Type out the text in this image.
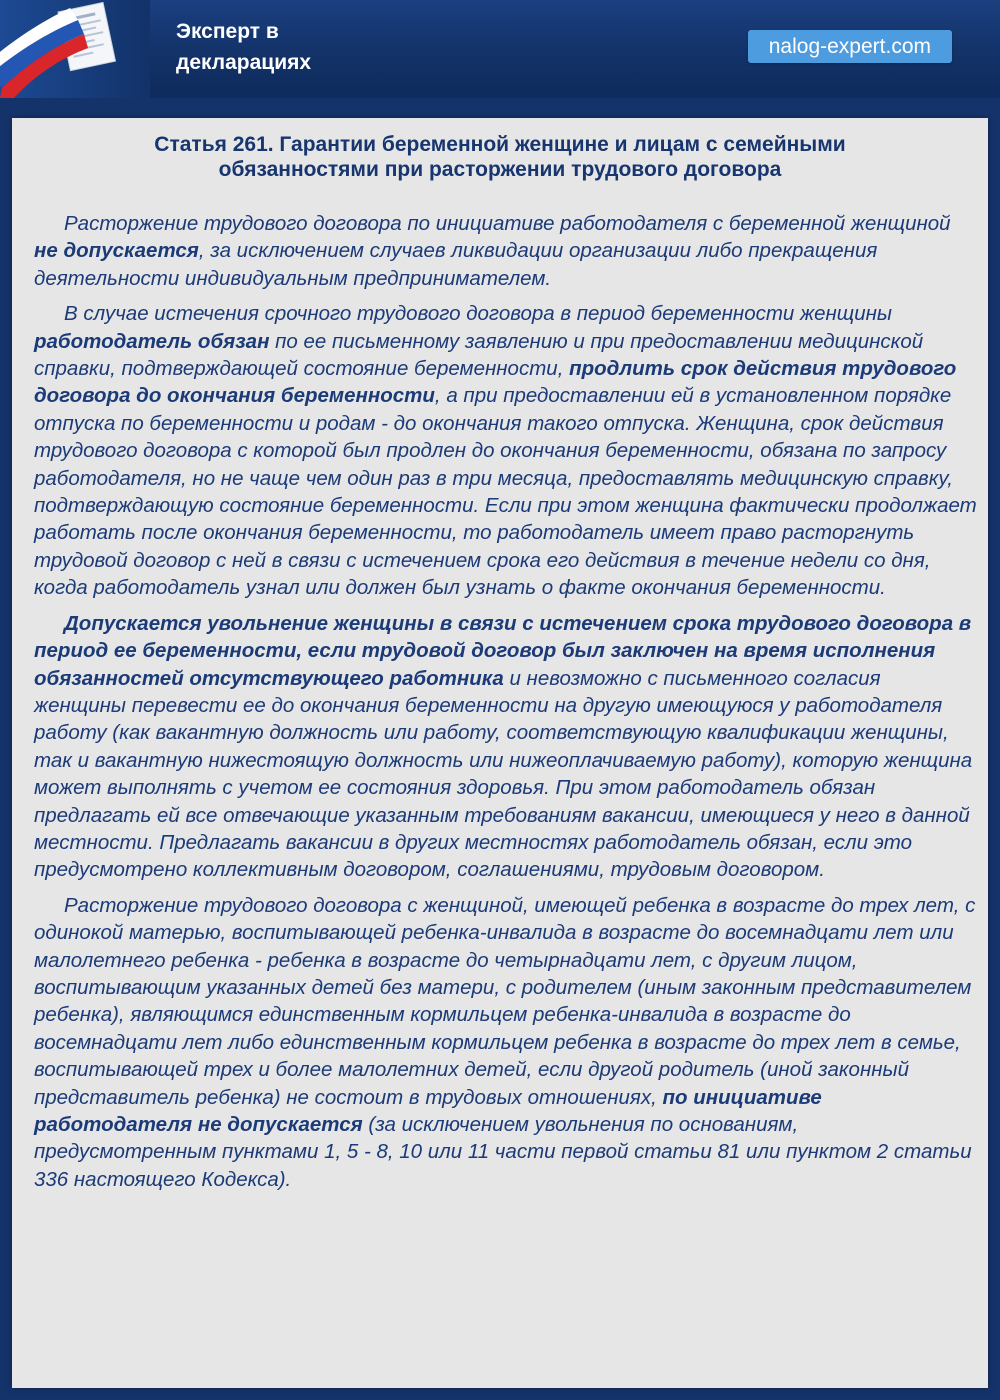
Эксперт в
декларациях
nalog-expert.com
Статья 261. Гарантии беременной женщине и лицам с семейными
обязанностями при расторжении трудового договора

Расторжение трудового договора по инициативе работодателя с беременной женщиной не допускается, за исключением случаев ликвидации организации либо прекращения деятельности индивидуальным предпринимателем.

В случае истечения срочного трудового договора в период беременности женщины работодатель обязан по ее письменному заявлению и при предоставлении медицинской справки, подтверждающей состояние беременности, продлить срок действия трудового договора до окончания беременности, а при предоставлении ей в установленном порядке отпуска по беременности и родам - до окончания такого отпуска. Женщина, срок действия трудового договора с которой был продлен до окончания беременности, обязана по запросу работодателя, но не чаще чем один раз в три месяца, предоставлять медицинскую справку, подтверждающую состояние беременности. Если при этом женщина фактически продолжает работать после окончания беременности, то работодатель имеет право расторгнуть трудовой договор с ней в связи с истечением срока его действия в течение недели со дня, когда работодатель узнал или должен был узнать о факте окончания беременности.

Допускается увольнение женщины в связи с истечением срока трудового договора в период ее беременности, если трудовой договор был заключен на время исполнения обязанностей отсутствующего работника и невозможно с письменного согласия женщины перевести ее до окончания беременности на другую имеющуюся у работодателя работу (как вакантную должность или работу, соответствующую квалификации женщины, так и вакантную нижестоящую должность или нижеоплачиваемую работу), которую женщина может выполнять с учетом ее состояния здоровья. При этом работодатель обязан предлагать ей все отвечающие указанным требованиям вакансии, имеющиеся у него в данной местности. Предлагать вакансии в других местностях работодатель обязан, если это предусмотрено коллективным договором, соглашениями, трудовым договором.

Расторжение трудового договора с женщиной, имеющей ребенка в возрасте до трех лет, с одинокой матерью, воспитывающей ребенка-инвалида в возрасте до восемнадцати лет или малолетнего ребенка - ребенка в возрасте до четырнадцати лет, с другим лицом, воспитывающим указанных детей без матери, с родителем (иным законным представителем ребенка), являющимся единственным кормильцем ребенка-инвалида в возрасте до восемнадцати лет либо единственным кормильцем ребенка в возрасте до трех лет в семье, воспитывающей трех и более малолетних детей, если другой родитель (иной законный представитель ребенка) не состоит в трудовых отношениях, по инициативе работодателя не допускается (за исключением увольнения по основаниям, предусмотренным пунктами 1, 5 - 8, 10 или 11 части первой статьи 81 или пунктом 2 статьи 336 настоящего Кодекса).
